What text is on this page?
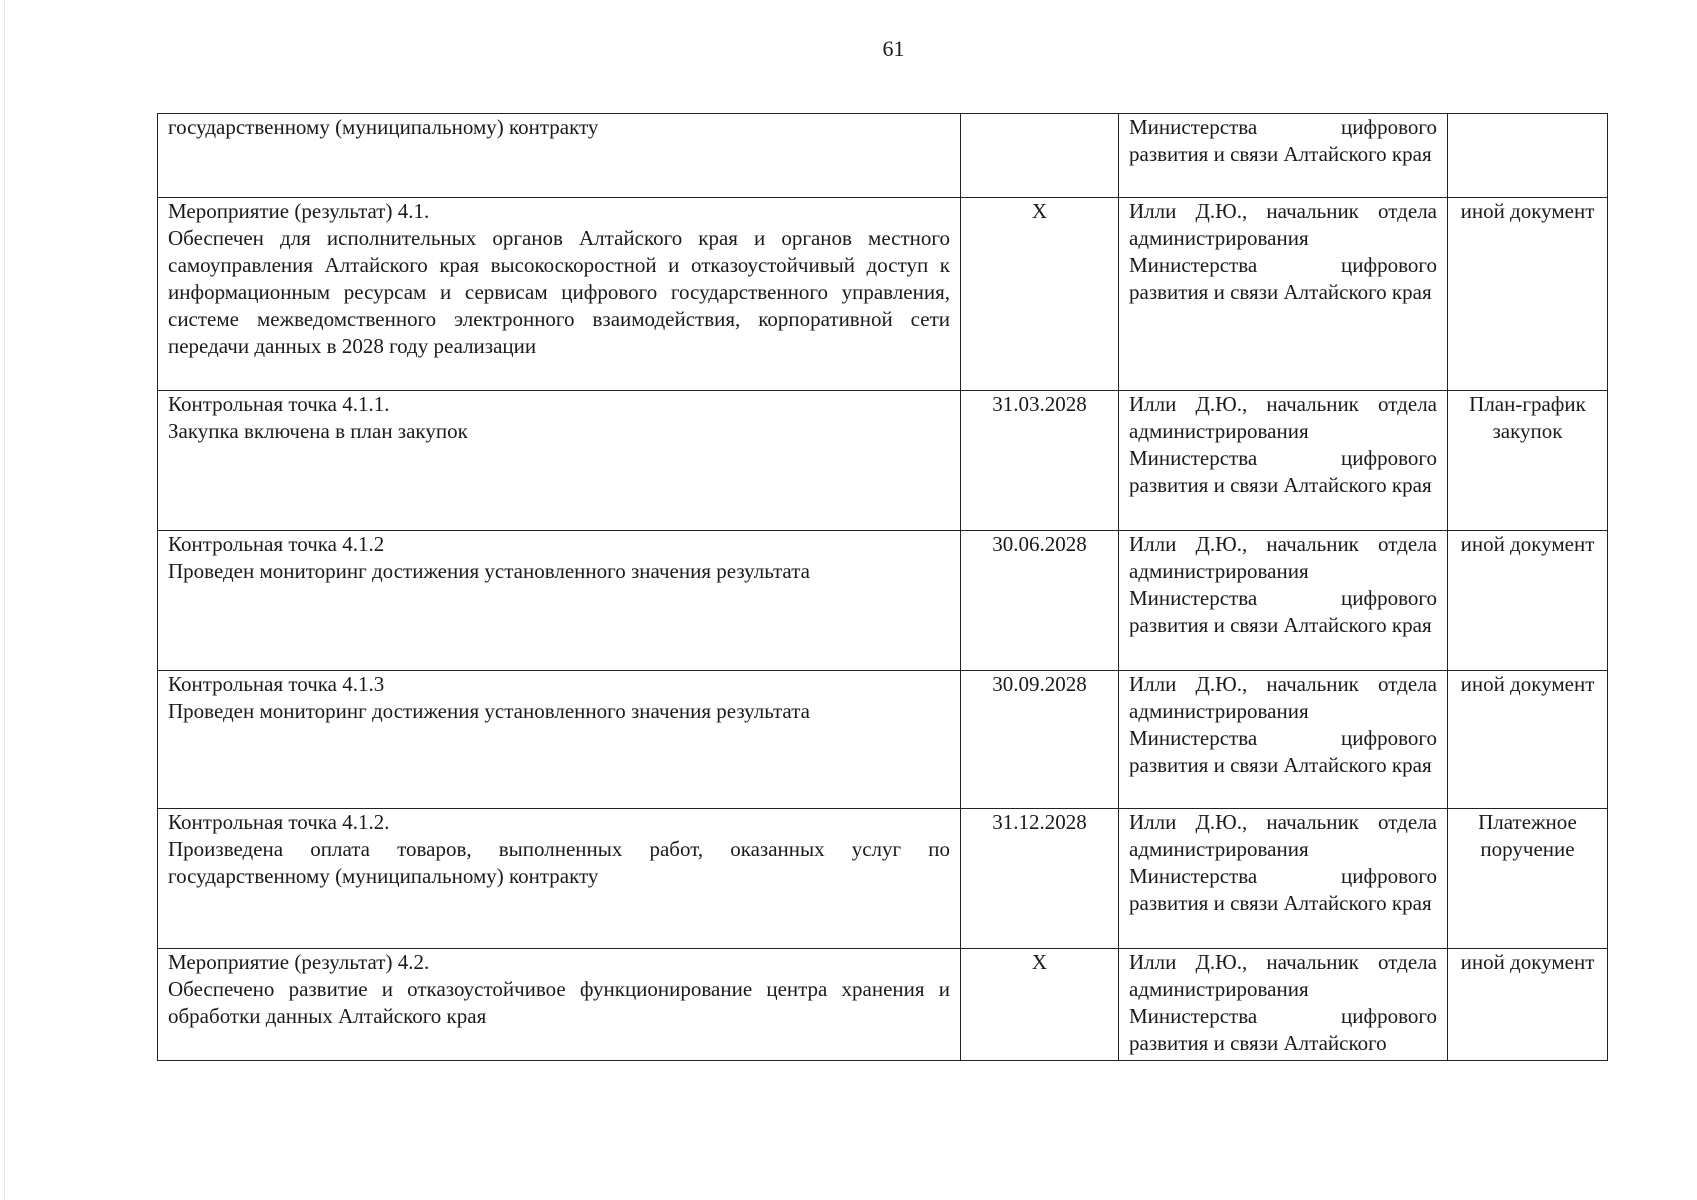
61
государственному (муниципальному) контракту		Министерства цифрового развития и связи Алтайского края	

Мероприятие (результат) 4.1.
Обеспечен для исполнительных органов Алтайского края и органов местного самоуправления Алтайского края высокоскоростной и отказоустойчивый доступ к информационным ресурсам и сервисам цифрового государственного управления, системе межведомственного электронного взаимодействия, корпоративной сети передачи данных в 2028 году реализации	Х	Илли Д.Ю., начальник отдела администрирования Министерства цифрового развития и связи Алтайского края	иной документ

Контрольная точка 4.1.1.
Закупка включена в план закупок	31.03.2028	Илли Д.Ю., начальник отдела администрирования Министерства цифрового развития и связи Алтайского края	План-график закупок

Контрольная точка 4.1.2
Проведен мониторинг достижения установленного значения результата	30.06.2028	Илли Д.Ю., начальник отдела администрирования Министерства цифрового развития и связи Алтайского края	иной документ

Контрольная точка 4.1.3
Проведен мониторинг достижения установленного значения результата	30.09.2028	Илли Д.Ю., начальник отдела администрирования Министерства цифрового развития и связи Алтайского края	иной документ

Контрольная точка 4.1.2.
Произведена оплата товаров, выполненных работ, оказанных услуг по государственному (муниципальному) контракту	31.12.2028	Илли Д.Ю., начальник отдела администрирования Министерства цифрового развития и связи Алтайского края	Платежное поручение

Мероприятие (результат) 4.2.
Обеспечено развитие и отказоустойчивое функционирование центра хранения и обработки данных Алтайского края	Х	Илли Д.Ю., начальник отдела администрирования Министерства цифрового развития и связи Алтайского	иной документ
